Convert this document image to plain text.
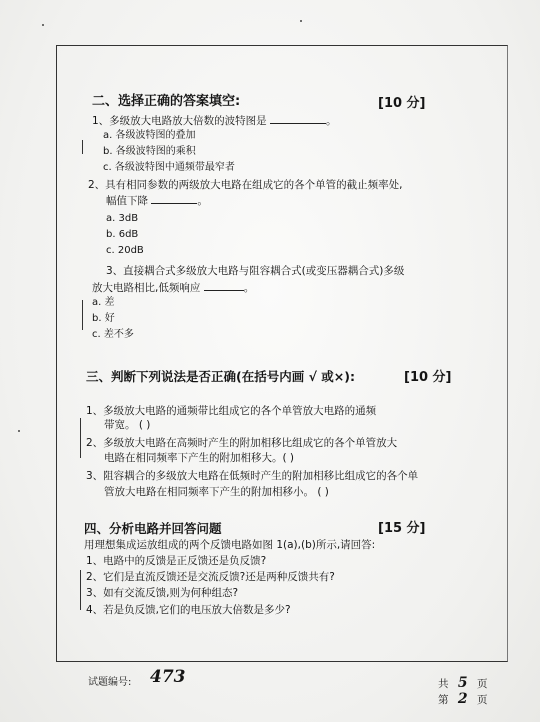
二、选择正确的答案填空:	[10 分]
1、多级放大电路放大倍数的波特图是	。
a. 各级波特图的叠加
b. 各级波特图的乘积
c. 各级波特图中通频带最窄者
2、具有相同参数的两级放大电路在组成它的各个单管的截止频率处,
幅值下降	。
a. 3dB
b. 6dB
c. 20dB
3、直接耦合式多级放大电路与阻容耦合式(或变压器耦合式)多级
放大电路相比,低频响应	。
a. 差
b. 好
c. 差不多
三、判断下列说法是否正确(在括号内画 √ 或×):	[10 分]
1、多级放大电路的通频带比组成它的各个单管放大电路的通频
带宽。 ( )
2、多级放大电路在高频时产生的附加相移比组成它的各个单管放大
电路在相同频率下产生的附加相移大。( )
3、阻容耦合的多级放大电路在低频时产生的附加相移比组成它的各个单
管放大电路在相同频率下产生的附加相移小。 ( )
四、分析电路并回答问题	[15 分]
用理想集成运放组成的两个反馈电路如图 1(a),(b)所示,请回答:
1、电路中的反馈是正反馈还是负反馈?
2、它们是直流反馈还是交流反馈?还是两种反馈共有?
3、如有交流反馈,则为何种组态?
4、若是负反馈,它们的电压放大倍数是多少?
试题编号: 473	共 5 页
第 2 页
